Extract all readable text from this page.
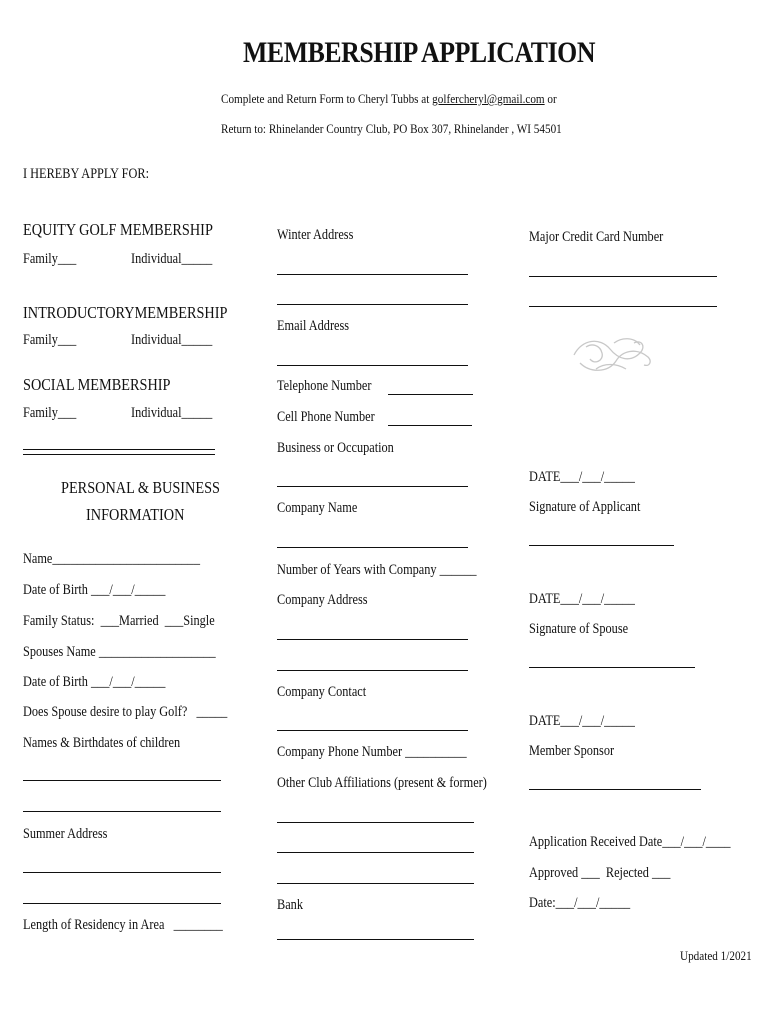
MEMBERSHIP APPLICATION
Complete and Return Form to Cheryl Tubbs at golfercheryl@gmail.com or
Return to: Rhinelander Country Club, PO Box 307, Rhinelander , WI 54501
I HEREBY APPLY FOR:
EQUITY GOLF MEMBERSHIP
Family___	Individual_____
INTRODUCTORYMEMBERSHIP
Family___	Individual_____
SOCIAL MEMBERSHIP
Family___	Individual_____
PERSONAL & BUSINESS
INFORMATION
Name________________________
Date of Birth ___/___/_____
Family Status:  ___Married  ___Single
Spouses Name ___________________
Date of Birth ___/___/_____
Does Spouse desire to play Golf?   _____
Names & Birthdates of children
Summer Address
Length of Residency in Area   ________
Winter Address
Email Address
Telephone Number
Cell Phone Number
Business or Occupation
Company Name
Number of Years with Company ______
Company Address
Company Contact
Company Phone Number __________
Other Club Affiliations (present & former)
Bank
Major Credit Card Number
DATE___/___/_____
Signature of Applicant
DATE___/___/_____
Signature of Spouse
DATE___/___/_____
Member Sponsor
Application Received Date___/___/____
Approved ___  Rejected ___
Date:___/___/_____
Updated 1/2021
